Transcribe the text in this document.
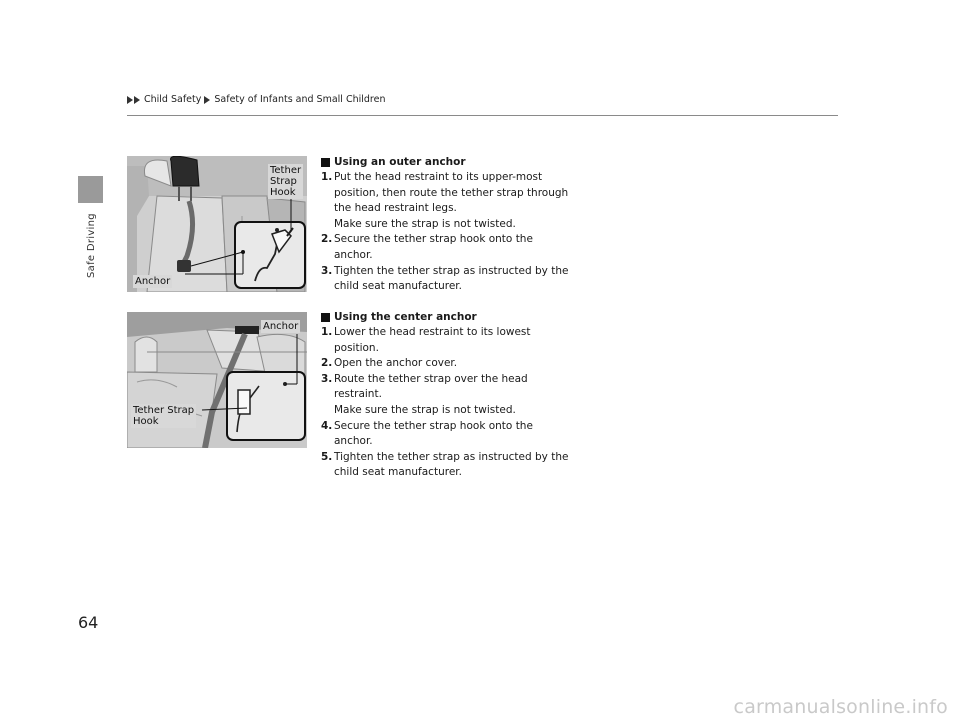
Safe Driving
Child Safety Safety of Infants and Small Children
Tether
Strap
Hook
Anchor
Anchor
Tether Strap
Hook
Using an outer anchor
1. Put the head restraint to its upper-most position, then route the tether strap through the head restraint legs.
Make sure the strap is not twisted.
2. Secure the tether strap hook onto the anchor.
3. Tighten the tether strap as instructed by the child seat manufacturer.
Using the center anchor
1. Lower the head restraint to its lowest position.
2. Open the anchor cover.
3. Route the tether strap over the head restraint.
Make sure the strap is not twisted.
4. Secure the tether strap hook onto the anchor.
5. Tighten the tether strap as instructed by the child seat manufacturer.
64
carmanualsonline.info
